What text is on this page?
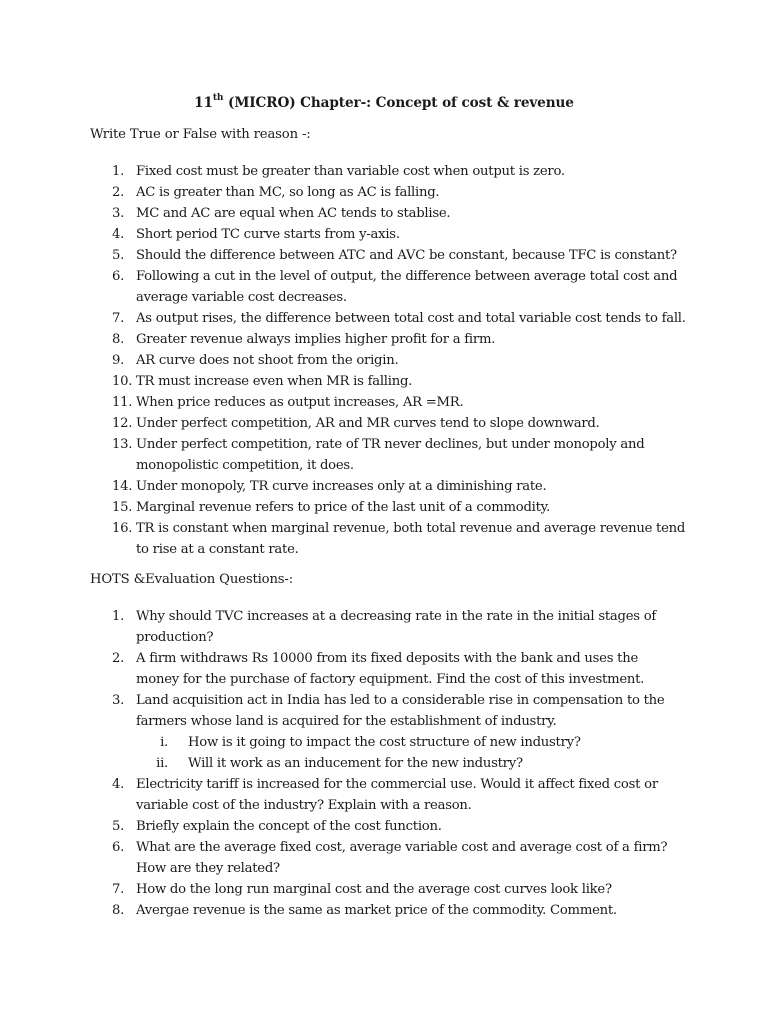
11th (MICRO) Chapter-: Concept of cost & revenue
Write True or False with reason -:
1. Fixed cost must be greater than variable cost when output is zero.
2. AC is greater than MC, so long as AC is falling.
3. MC and AC are equal when AC tends to stablise.
4. Short period TC curve starts from y-axis.
5. Should the difference between ATC and AVC be constant, because TFC is constant?
6. Following a cut in the level of output, the difference between average total cost and
average variable cost decreases.
7. As output rises, the difference between total cost and total variable cost tends to fall.
8. Greater revenue always implies higher profit for a firm.
9. AR curve does not shoot from the origin.
10. TR must increase even when MR is falling.
11. When price reduces as output increases, AR =MR.
12. Under perfect competition, AR and MR curves tend to slope downward.
13. Under perfect competition, rate of TR never declines, but under monopoly and
monopolistic competition, it does.
14. Under monopoly, TR curve increases only at a diminishing rate.
15. Marginal revenue refers to price of the last unit of a commodity.
16. TR is constant when marginal revenue, both total revenue and average revenue tend
to rise at a constant rate.
HOTS &Evaluation Questions-:
1. Why should TVC increases at a decreasing rate in the rate in the initial stages of
production?
2. A firm withdraws Rs 10000 from its fixed deposits with the bank and uses the
money for the purchase of factory equipment. Find the cost of this investment.
3. Land acquisition act in India has led to a considerable rise in compensation to the
farmers whose land is acquired for the establishment of industry.
i. How is it going to impact the cost structure of new industry?
ii. Will it work as an inducement for the new industry?
4. Electricity tariff is increased for the commercial use. Would it affect fixed cost or
variable cost of the industry? Explain with a reason.
5. Briefly explain the concept of the cost function.
6. What are the average fixed cost, average variable cost and average cost of a firm?
How are they related?
7. How do the long run marginal cost and the average cost curves look like?
8. Avergae revenue is the same as market price of the commodity. Comment.
